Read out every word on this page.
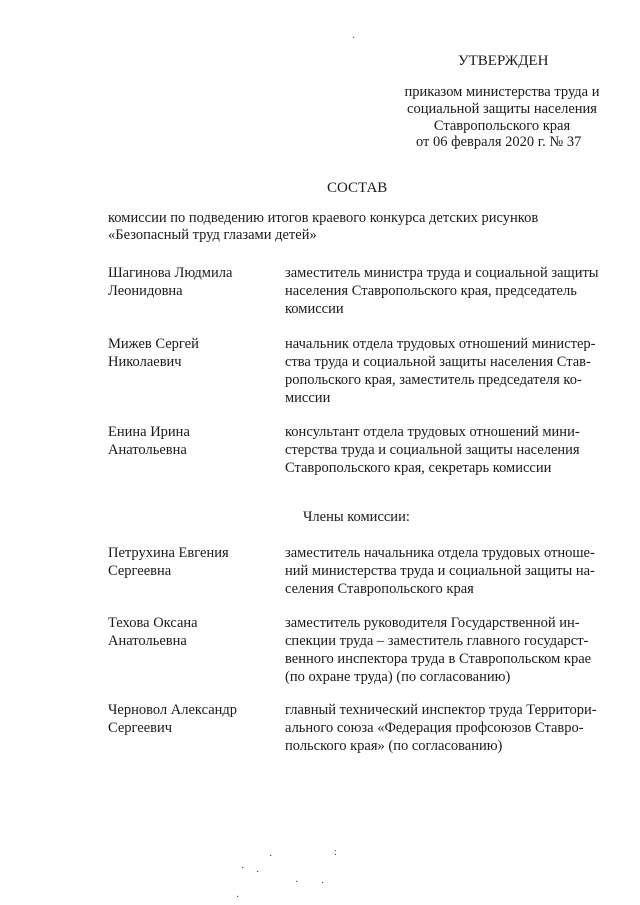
УТВЕРЖДЕН
приказом министерства труда и
социальной защиты населения
Ставропольского края
от 06 февраля 2020 г. № 37
СОСТАВ
комиссии по подведению итогов краевого конкурса детских рисунков
«Безопасный труд глазами детей»
Шагинова Людмила
Леонидовна
заместитель министра труда и социальной защиты
населения Ставропольского края, председатель
комиссии
Мижев Сергей
Николаевич
начальник отдела трудовых отношений министер-
ства труда и социальной защиты населения Став-
ропольского края, заместитель председателя ко-
миссии
Енина Ирина
Анатольевна
консультант отдела трудовых отношений мини-
стерства труда и социальной защиты населения
Ставропольского края, секретарь комиссии
Члены комиссии:
Петрухина Евгения
Сергеевна
заместитель начальника отдела трудовых отноше-
ний министерства труда и социальной защиты на-
селения Ставропольского края
Техова Оксана
Анатольевна
заместитель руководителя Государственной ин-
спекции труда – заместитель главного государст-
венного инспектора труда в Ставропольском крае
(по охране труда) (по согласованию)
Черновол Александр
Сергеевич
главный технический инспектор труда Территори-
ального союза «Федерация профсоюзов Ставро-
польского края» (по согласованию)
·
·	:
· ·
· ·
·
